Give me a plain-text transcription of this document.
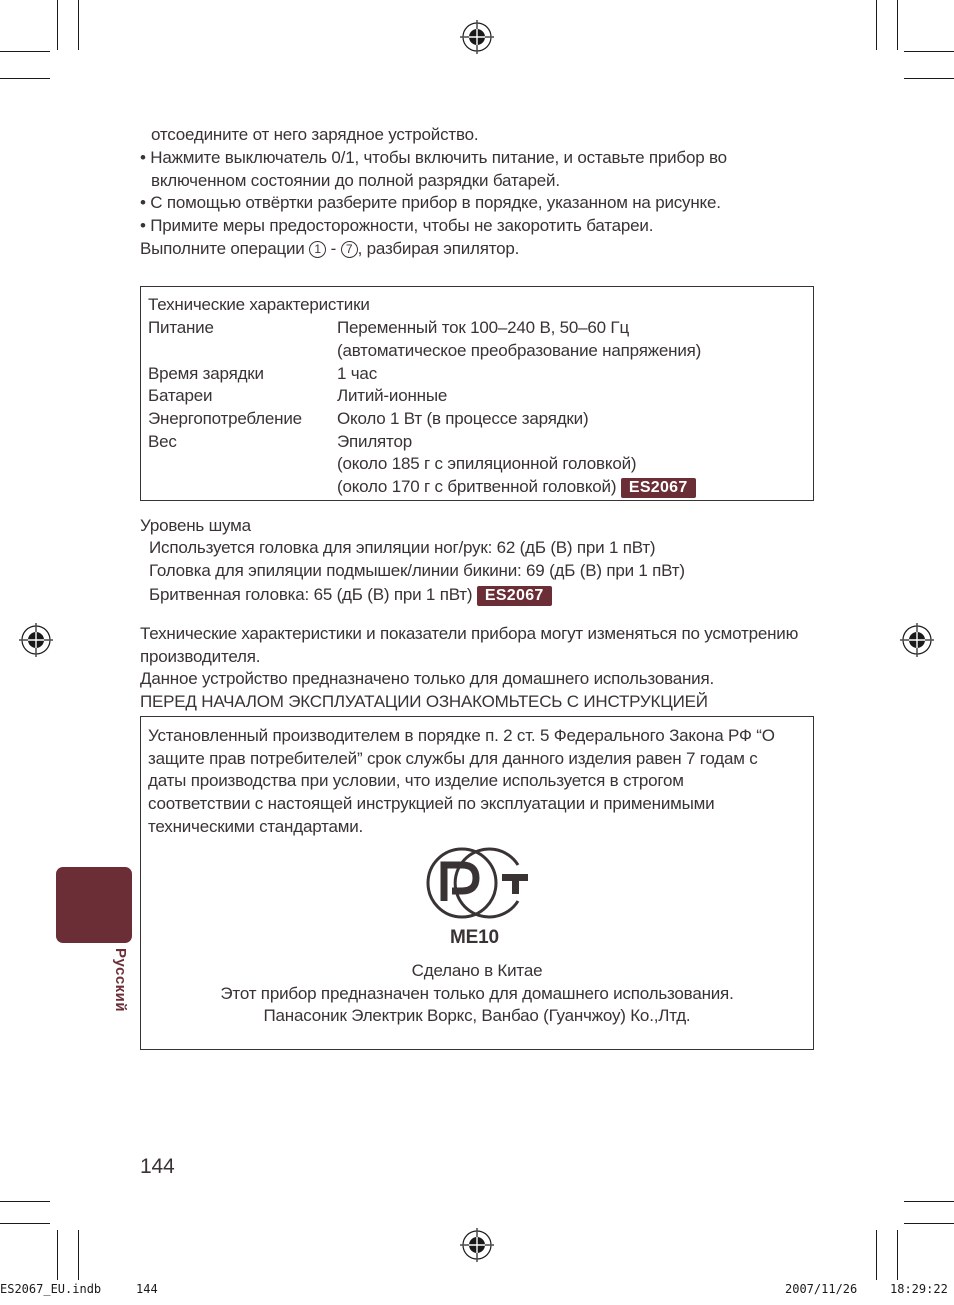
отсоедините от него зарядное устройство.
• Нажмите выключатель 0/1, чтобы включить питание, и оставьте прибор во
включенном состоянии до полной разрядки батарей.
• С помощью отвёртки разберите прибор в порядке, указанном на рисунке.
• Примите меры предосторожности, чтобы не закоротить батареи.
Выполните операции 1 - 7 , разбирая эпилятор.
Технические характеристики
Питание	Переменный ток 100–240 В, 50–60 Гц
(автоматическое преобразование напряжения)
Время зарядки	1 час
Батареи	Литий-ионные
Энергопотребление Около 1 Вт (в процессе зарядки)
Вес	Эпилятор
(около 185 г с эпиляционной головкой)
(около 170 г с бритвенной головкой) ES2067
Уровень шума
Используется головка для эпиляции ног/рук: 62 (дБ (B) при 1 пВт)
Головка для эпиляции подмышек/линии бикини: 69 (дБ (B) при 1 пВт)
Бритвенная головка: 65 (дБ (B) при 1 пВт) ES2067
Технические характеристики и показатели прибора могут изменяться по усмотрению
производителя.
Данное устройство предназначено только для домашнего использования.
ПЕРЕД НАЧАЛОМ ЭКСПЛУАТАЦИИ ОЗНАКОМЬТЕСЬ С ИНСТРУКЦИЕЙ
Установленный производителем в порядке п. 2 ст. 5 Федерального Закона РФ “О
защите прав потребителей” срок службы для данного изделия равен 7 годам с
даты производства при условии, что изделие используется в строгом
соответствии с настоящей инструкцией по эксплуатации и применимыми
техническими стандартами.
ME10
Сделано в Китае
Этот прибор предназначен только для домашнего использования.
Панасоник Электрик Воркс, Ванбао (Гуанчжоу) Ко.,Лтд.
Русский
144
ES2067_EU.indb	144	2007/11/26	18:29:22
